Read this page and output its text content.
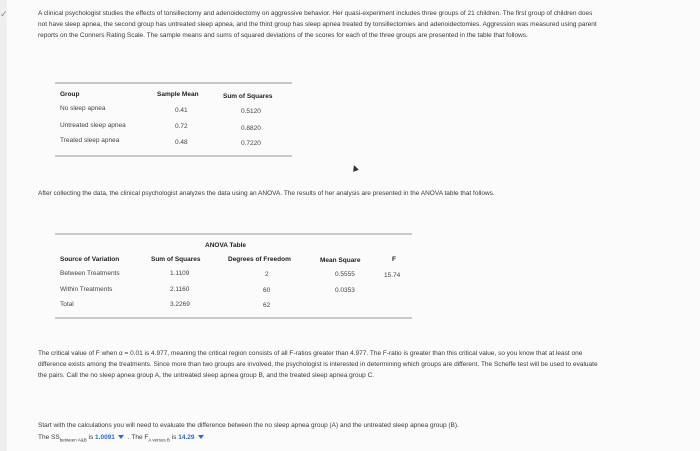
✓	A clinical psychologist studies the effects of tonsillectomy and adenoidectomy on aggressive behavior. Her quasi-experiment includes three groups of 21 children. The first group of children does not have sleep apnea, the second group has untreated sleep apnea, and the third group has sleep apnea treated by tonsillectomies and adenoidectomies. Aggression was measured using parent reports on the Conners Rating Scale. The sample means and sums of squared deviations of the scores for each of the three groups are presented in the table that follows.
Group	Sample Mean	Sum of Squares
No sleep apnea	0.41	0.5120
Untreated sleep apnea	0.72	0.8820
Treated sleep apnea	0.48	0.7220
After collecting the data, the clinical psychologist analyzes the data using an ANOVA. The results of her analysis are presented in the ANOVA table that follows.
ANOVA Table
Source of Variation	Sum of Squares	Degrees of Freedom	Mean Square	F
Between Treatments	1.1109	2	0.5555	15.74
Within Treatments	2.1160	60	0.0353
Total	3.2269	62
The critical value of F when α = 0.01 is 4.977, meaning the critical region consists of all F-ratios greater than 4.977. The F-ratio is greater than this critical value, so you know that at least one difference exists among the treatments. Since more than two groups are involved, the psychologist is interested in determining which groups are different. The Scheffe test will be used to evaluate the pairs. Call the no sleep apnea group A, the untreated sleep apnea group B, and the treated sleep apnea group C.
Start with the calculations you will need to evaluate the difference between the no sleep apnea group (A) and the untreated sleep apnea group (B).
The $SS_{between A\&B}$ is 1.0091 . The $F_{A versus B}$ is 14.29
